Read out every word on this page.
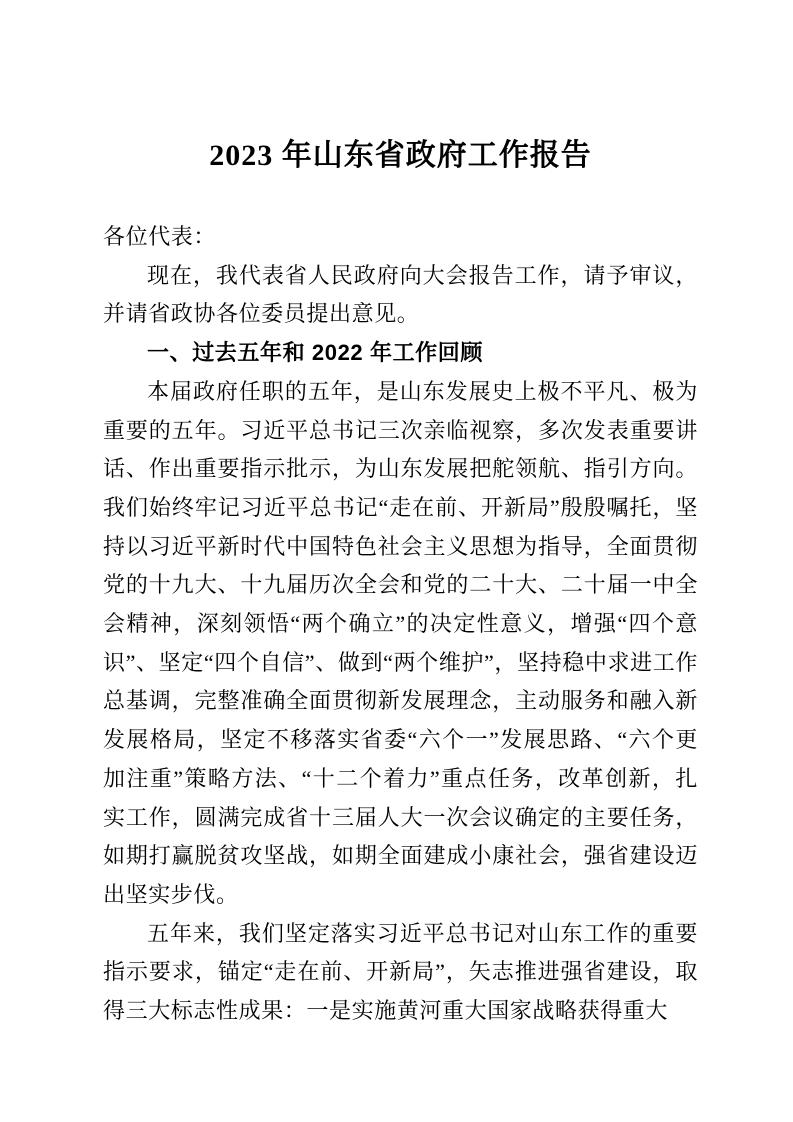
2023 年山东省政府工作报告

各位代表：

现在，我代表省人民政府向大会报告工作，请予审议，并请省政协各位委员提出意见。

一、过去五年和 2022 年工作回顾

本届政府任职的五年，是山东发展史上极不平凡、极为重要的五年。习近平总书记三次亲临视察，多次发表重要讲话、作出重要指示批示，为山东发展把舵领航、指引方向。我们始终牢记习近平总书记“走在前、开新局”殷殷嘱托，坚持以习近平新时代中国特色社会主义思想为指导，全面贯彻党的十九大、十九届历次全会和党的二十大、二十届一中全会精神，深刻领悟“两个确立”的决定性意义，增强“四个意识”、坚定“四个自信”、做到“两个维护”，坚持稳中求进工作总基调，完整准确全面贯彻新发展理念，主动服务和融入新发展格局，坚定不移落实省委“六个一”发展思路、“六个更加注重”策略方法、“十二个着力”重点任务，改革创新，扎实工作，圆满完成省十三届人大一次会议确定的主要任务，如期打赢脱贫攻坚战，如期全面建成小康社会，强省建设迈出坚实步伐。

五年来，我们坚定落实习近平总书记对山东工作的重要指示要求，锚定“走在前、开新局”，矢志推进强省建设，取得三大标志性成果：一是实施黄河重大国家战略获得重大
